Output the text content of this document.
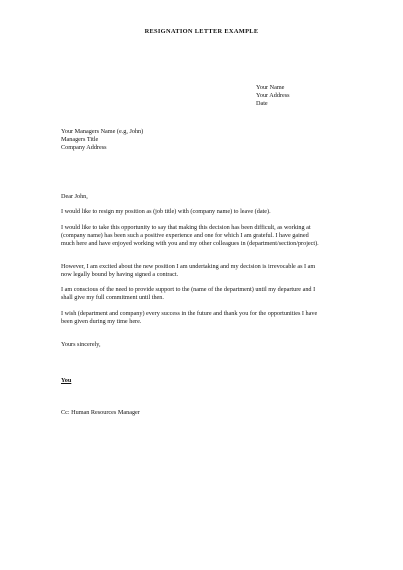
RESIGNATION LETTER EXAMPLE
Your Name
Your Address
Date
Your Managers Name (e.g, John)
Managers Title
Company Address
Dear John,
I would like to resign my position as (job title) with (company name) to leave (date).
I would like to take this opportunity to say that making this decision has been difficult, as working at
(company name) has been such a positive experience and one for which I am grateful. I have gained
much here and have enjoyed working with you and my other colleagues in (department/section/project).
However, I am excited about the new position I am undertaking and my decision is irrevocable as I am
now legally bound by having signed a contract.
I am conscious of the need to provide support to the (name of the department) until my departure and I
shall give my full commitment until then.
I wish (department and company) every success in the future and thank you for the opportunities I have
been given during my time here.
Yours sincerely,
You
Cc: Human Resources Manager
